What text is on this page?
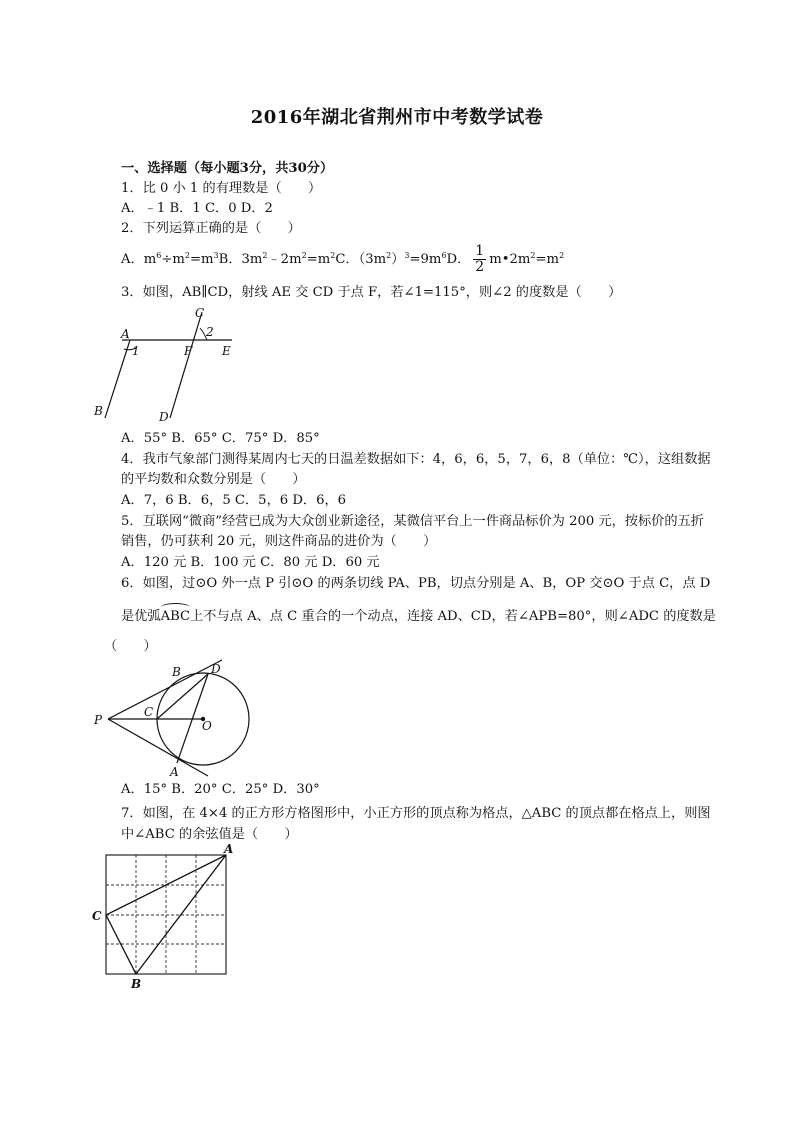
2016年湖北省荆州市中考数学试卷
一、选择题（每小题3分，共30分）
1．比 0 小 1 的有理数是（　　）
A．﹣1 B．1 C．0 D．2
2．下列运算正确的是（　　）
A．$m^6\div m^2=m^3B$．$3m^2﹣2m^2=m^2C$．$(3m^2)^3=9m^6D$． $\frac{1}{2}$ $m•2m^2=m^2$
3．如图，AB∥CD，射线 AE 交 CD 于点 F，若∠1=115°，则∠2 的度数是（　　）
A
B
C
D
E
F
1
2
A．55° B．65° C．75° D．85°
4．我市气象部门测得某周内七天的日温差数据如下：4，6，6，5，7，6，8（单位：℃），这组数据
的平均数和众数分别是（　　）
A．7，6 B．6，5 C．5，6 D．6，6
5．互联网“微商”经营已成为大众创业新途径，某微信平台上一件商品标价为 200 元，按标价的五折
销售，仍可获利 20 元，则这件商品的进价为（　　）
A．120 元 B．100 元 C．80 元 D．60 元
6．如图，过⊙O 外一点 P 引⊙O 的两条切线 PA、PB，切点分别是 A、B，OP 交⊙O 于点 C，点 D
是优弧ABC上不与点 A、点 C 重合的一个动点，连接 AD、CD，若∠APB=80°，则∠ADC 的度数是
（　　）
P
B	D
C
O
A
A．15° B．20° C．25° D．30°
7．如图，在 4×4 的正方形方格图形中，小正方形的顶点称为格点，△ABC 的顶点都在格点上，则图
中∠ABC 的余弦值是（　　）
A
C
B
